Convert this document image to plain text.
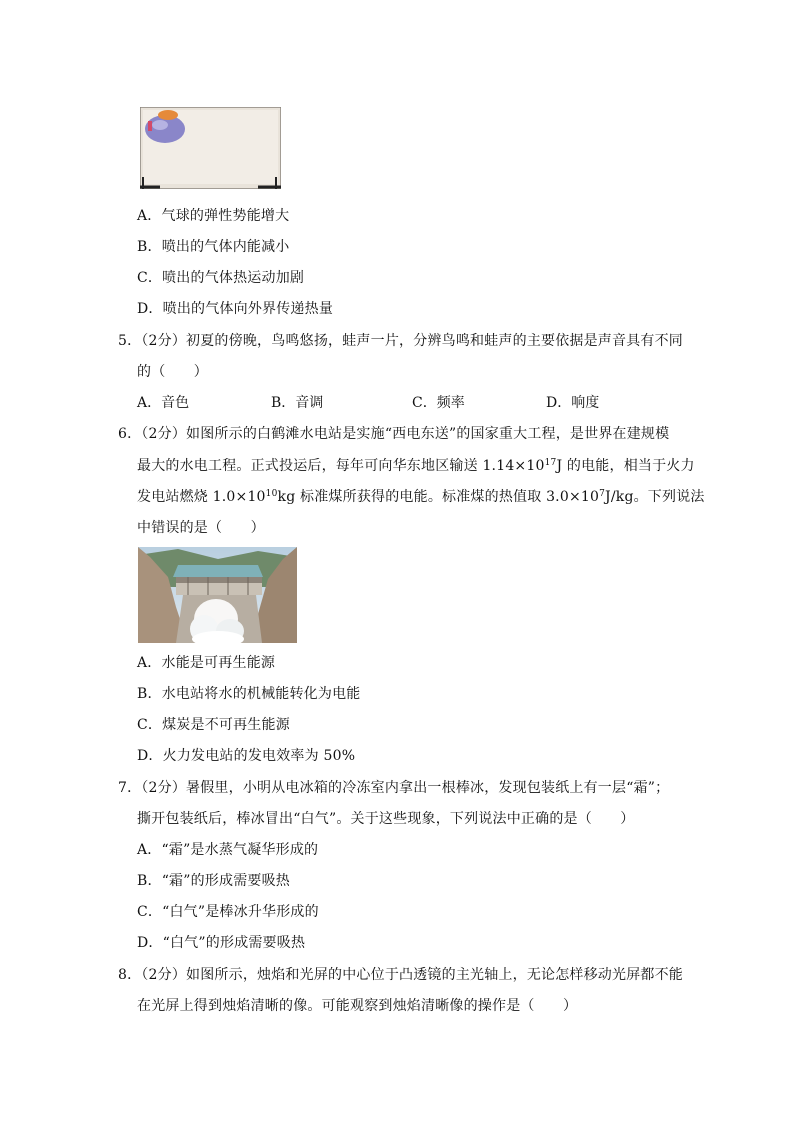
A．气球的弹性势能增大
B．喷出的气体内能减小
C．喷出的气体热运动加剧
D．喷出的气体向外界传递热量
5．（2分）初夏的傍晚，鸟鸣悠扬，蛙声一片，分辨鸟鸣和蛙声的主要依据是声音具有不同
的（　　）
A．音色	B．音调	C．频率	D．响度
6．（2分）如图所示的白鹤滩水电站是实施“西电东送”的国家重大工程，是世界在建规模
最大的水电工程。正式投运后，每年可向华东地区输送 $1.14\times 10^{17}J$ 的电能，相当于火力
发电站燃烧 $1.0\times 10^{10}kg$ 标准煤所获得的电能。标准煤的热值取 $3.0\times 10^7J/kg$。下列说法
中错误的是（　　）
A．水能是可再生能源
B．水电站将水的机械能转化为电能
C．煤炭是不可再生能源
D．火力发电站的发电效率为 50%
7．（2分）暑假里，小明从电冰箱的冷冻室内拿出一根棒冰，发现包装纸上有一层“霜”；
撕开包装纸后，棒冰冒出“白气”。关于这些现象，下列说法中正确的是（　　）
A．“霜”是水蒸气凝华形成的
B．“霜”的形成需要吸热
C．“白气”是棒冰升华形成的
D．“白气”的形成需要吸热
8．（2分）如图所示，烛焰和光屏的中心位于凸透镜的主光轴上，无论怎样移动光屏都不能
在光屏上得到烛焰清晰的像。可能观察到烛焰清晰像的操作是（　　）
